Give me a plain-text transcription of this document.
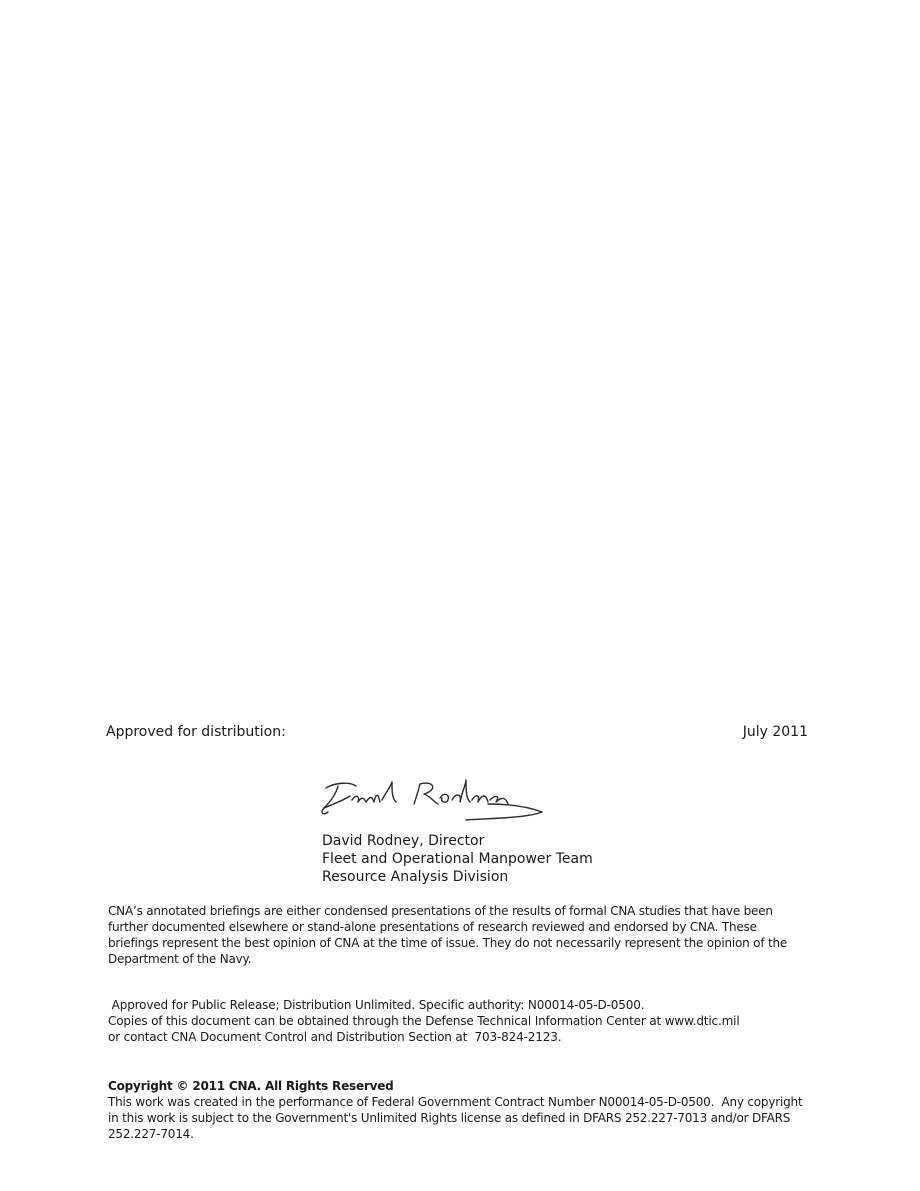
Approved for distribution:	July 2011
David Rodney, Director
Fleet and Operational Manpower Team
Resource Analysis Division
CNA’s annotated briefings are either condensed presentations of the results of formal CNA studies that have been further documented elsewhere or stand-alone presentations of research reviewed and endorsed by CNA. These briefings represent the best opinion of CNA at the time of issue. They do not necessarily represent the opinion of the Department of the Navy.
Approved for Public Release; Distribution Unlimited. Specific authority: N00014-05-D-0500.
Copies of this document can be obtained through the Defense Technical Information Center at www.dtic.mil
or contact CNA Document Control and Distribution Section at  703-824-2123.
Copyright © 2011 CNA. All Rights Reserved
This work was created in the performance of Federal Government Contract Number N00014-05-D-0500.  Any copyright in this work is subject to the Government's Unlimited Rights license as defined in DFARS 252.227-7013 and/or DFARS 252.227-7014.
